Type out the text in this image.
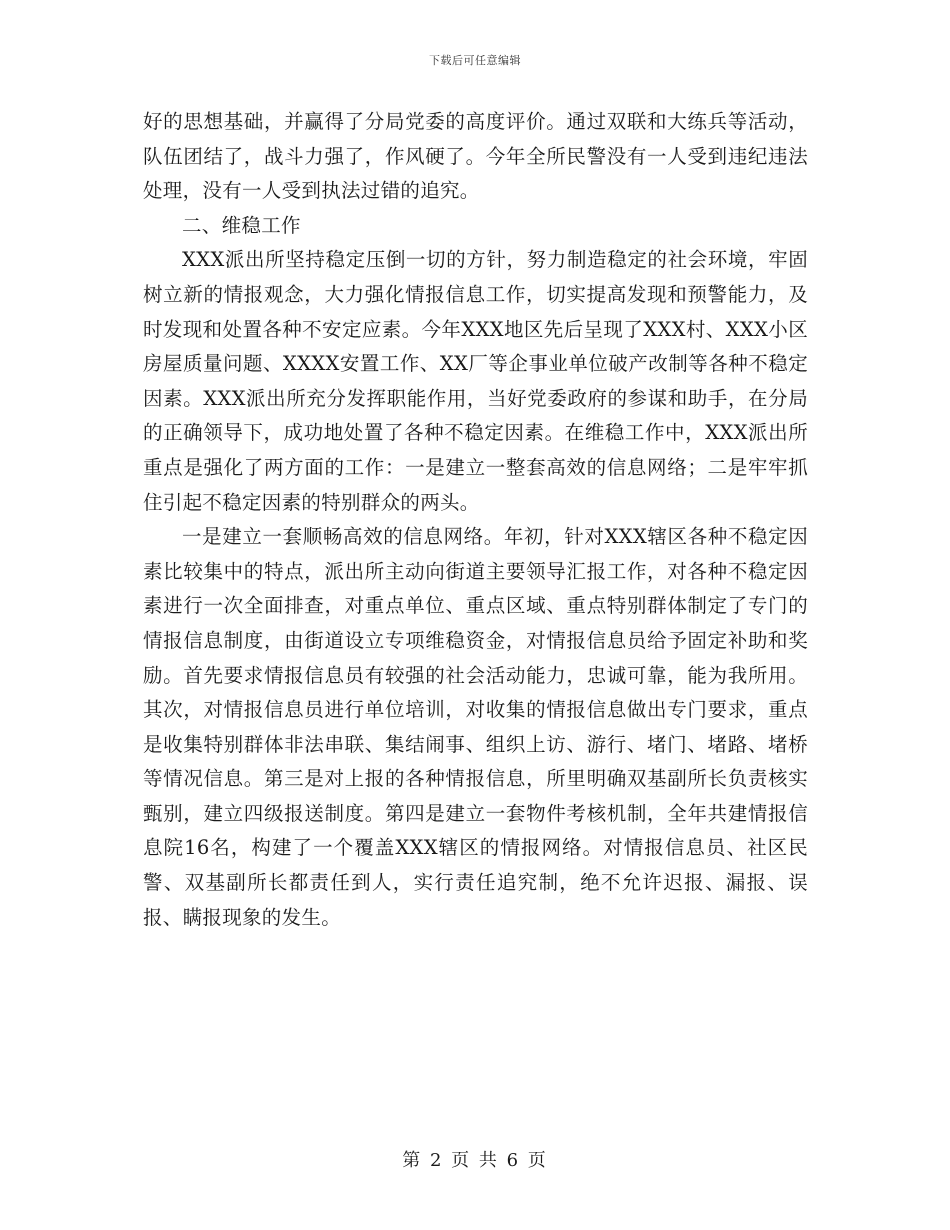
下载后可任意编辑

好的思想基础，并赢得了分局党委的高度评价。通过双联和大练兵等活动，队伍团结了，战斗力强了，作风硬了。今年全所民警没有一人受到违纪违法处理，没有一人受到执法过错的追究。

二、维稳工作

XXX派出所坚持稳定压倒一切的方针，努力制造稳定的社会环境，牢固树立新的情报观念，大力强化情报信息工作，切实提高发现和预警能力，及时发现和处置各种不安定应素。今年XXX地区先后呈现了XXX村、XXX小区房屋质量问题、XXXX安置工作、XX厂等企事业单位破产改制等各种不稳定因素。XXX派出所充分发挥职能作用，当好党委政府的参谋和助手，在分局的正确领导下，成功地处置了各种不稳定因素。在维稳工作中，XXX派出所重点是强化了两方面的工作：一是建立一整套高效的信息网络；二是牢牢抓住引起不稳定因素的特别群众的两头。

一是建立一套顺畅高效的信息网络。年初，针对XXX辖区各种不稳定因素比较集中的特点，派出所主动向街道主要领导汇报工作，对各种不稳定因素进行一次全面排查，对重点单位、重点区域、重点特别群体制定了专门的情报信息制度，由街道设立专项维稳资金，对情报信息员给予固定补助和奖励。首先要求情报信息员有较强的社会活动能力，忠诚可靠，能为我所用。其次，对情报信息员进行单位培训，对收集的情报信息做出专门要求，重点是收集特别群体非法串联、集结闹事、组织上访、游行、堵门、堵路、堵桥等情况信息。第三是对上报的各种情报信息，所里明确双基副所长负责核实甄别，建立四级报送制度。第四是建立一套物件考核机制，全年共建情报信息院16名，构建了一个覆盖XXX辖区的情报网络。对情报信息员、社区民警、双基副所长都责任到人，实行责任追究制，绝不允许迟报、漏报、误报、瞒报现象的发生。

第 2 页 共 6 页
